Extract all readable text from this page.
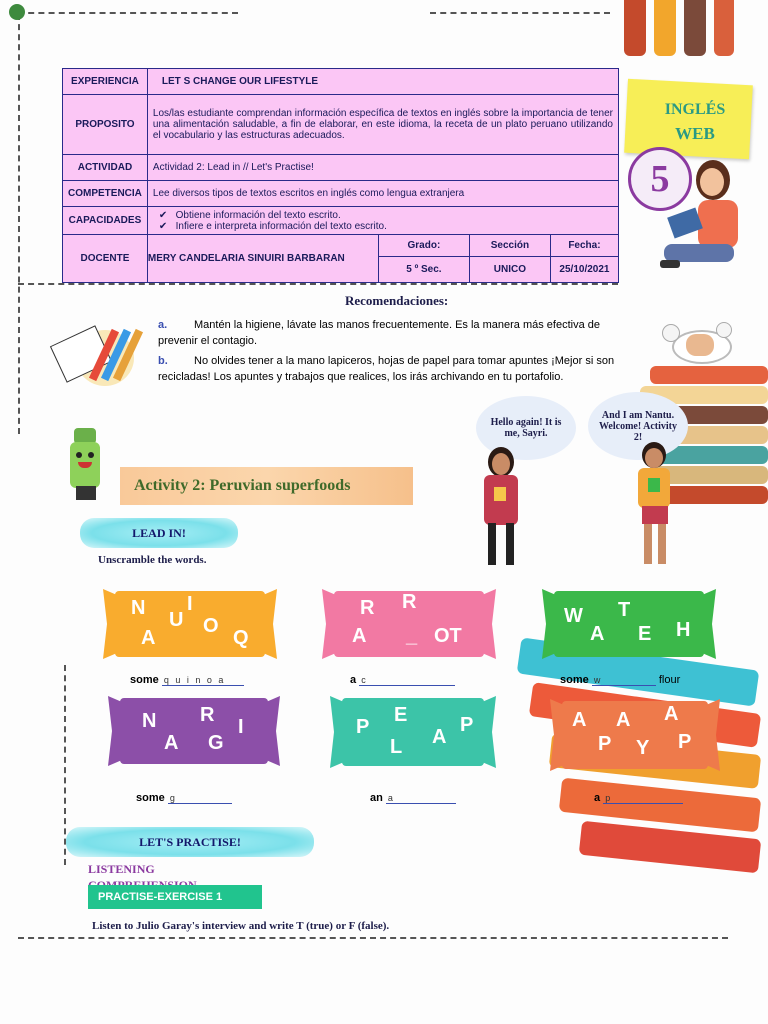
EXPERIENCIA	LET S CHANGE OUR LIFESTYLE			
PROPOSITO	Los/las estudiante comprendan información específica de textos en inglés sobre la importancia de tener una alimentación saludable, a fin de elaborar, en este idioma, la receta de un plato peruano utilizando el vocabulario y las estructuras adecuados.			
ACTIVIDAD	Actividad 2: Lead in // Let's Practise!			
COMPETENCIA	Lee diversos tipos de textos escritos en inglés como lengua extranjera			
CAPACIDADES	✔ Obtiene información del texto escrito.
✔ Infiere e interpreta información del texto escrito.			

DOCENTE	MERY CANDELARIA SINUIRI BARBARAN	Grado:	Sección	Fecha:
		5 º Sec.	UNICO	25/10/2021
INGLÉS
WEB
5
Recomendaciones:
a. Mantén la higiene, lávate las manos frecuentemente. Es la manera más efectiva de prevenir el contagio.
b. No olvides tener a la mano lapiceros, hojas de papel para tomar apuntes ¡Mejor si son recicladas! Los apuntes y trabajos que realices, los irás archivando en tu portafolio.
Activity 2: Peruvian superfoods
Hello again! It is me, Sayri.
And I am Nantu. Welcome! Activity 2!
LEAD IN!
Unscramble the words.
N I
U O
A	Q
R R
A _ OT
W T
A E H
some q u i n o a	a c	some w	flour
N R
I
A G
P
E	P
A
L
A A A
P Y P
some g	an a	a p
LET'S PRACTISE!
LISTENING
PRACTISE-EXERCISE 1
Listen to Julio Garay's interview and write T (true) or F (false).
